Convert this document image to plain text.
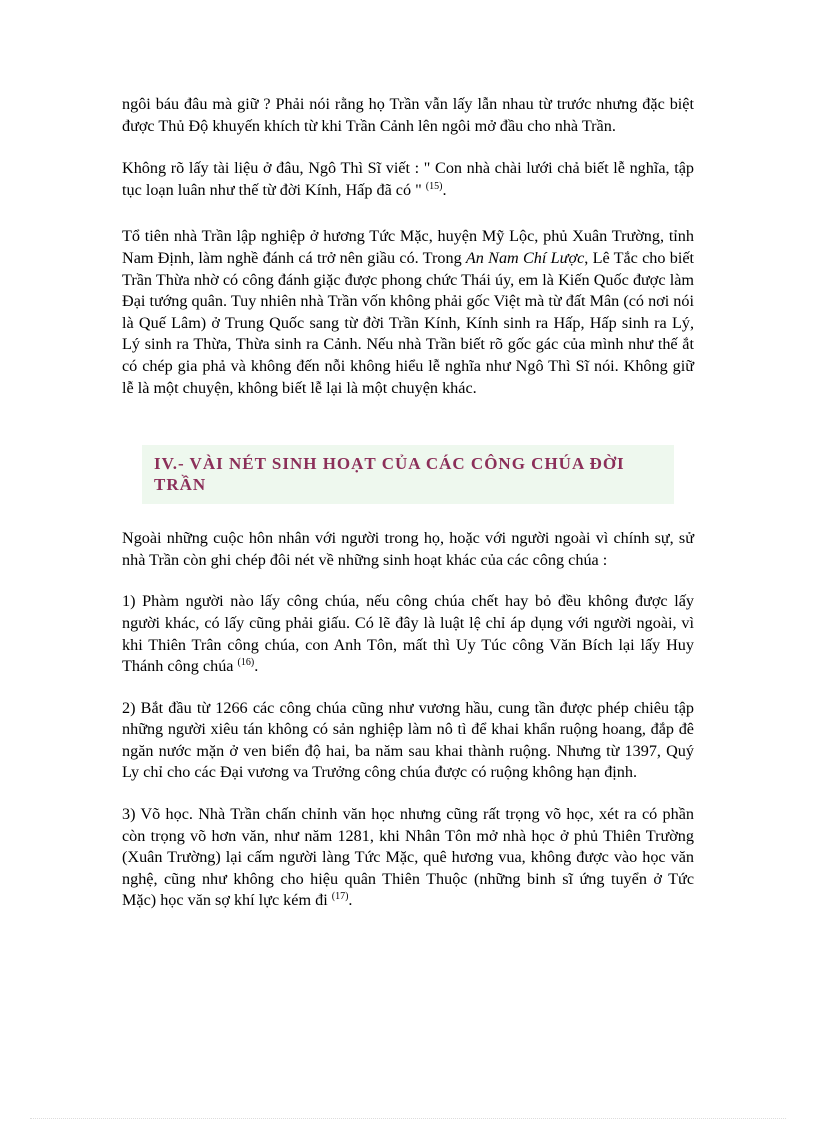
ngôi báu đâu mà giữ ? Phải nói rằng họ Trần vẫn lấy lẫn nhau từ trước nhưng đặc biệt được Thủ Độ khuyến khích từ khi Trần Cảnh lên ngôi mở đầu cho nhà Trần.

Không rõ lấy tài liệu ở đâu, Ngô Thì Sĩ viết : " Con nhà chài lưới chả biết lễ nghĩa, tập tục loạn luân như thế từ đời Kính, Hấp đã có " $^{(15)}$.

Tổ tiên nhà Trần lập nghiệp ở hương Tức Mặc, huyện Mỹ Lộc, phủ Xuân Trường, tỉnh Nam Định, làm nghề đánh cá trở nên giầu có. Trong An Nam Chí Lược, Lê Tắc cho biết Trần Thừa nhờ có công đánh giặc được phong chức Thái úy, em là Kiến Quốc được làm Đại tướng quân. Tuy nhiên nhà Trần vốn không phải gốc Việt mà từ đất Mân (có nơi nói là Quế Lâm) ở Trung Quốc sang từ đời Trần Kính, Kính sinh ra Hấp, Hấp sinh ra Lý, Lý sinh ra Thừa, Thừa sinh ra Cảnh. Nếu nhà Trần biết rõ gốc gác của mình như thế ắt có chép gia phả và không đến nỗi không hiểu lễ nghĩa như Ngô Thì Sĩ nói. Không giữ lễ là một chuyện, không biết lễ lại là một chuyện khác.

IV.- VÀI NÉT SINH HOẠT CỦA CÁC CÔNG CHÚA ĐỜI TRẦN

Ngoài những cuộc hôn nhân với người trong họ, hoặc với người ngoài vì chính sự, sử nhà Trần còn ghi chép đôi nét về những sinh hoạt khác của các công chúa :

1) Phàm người nào lấy công chúa, nếu công chúa chết hay bỏ đều không được lấy người khác, có lấy cũng phải giấu. Có lẽ đây là luật lệ chỉ áp dụng với người ngoài, vì khi Thiên Trân công chúa, con Anh Tôn, mất thì Uy Túc công Văn Bích lại lấy Huy Thánh công chúa $^{(16)}$.

2) Bắt đầu từ 1266 các công chúa cũng như vương hầu, cung tần được phép chiêu tập những người xiêu tán không có sản nghiệp làm nô tì để khai khẩn ruộng hoang, đắp đê ngăn nước mặn ở ven biển độ hai, ba năm sau khai thành ruộng. Nhưng từ 1397, Quý Ly chỉ cho các Đại vương va Trưởng công chúa được có ruộng không hạn định.

3) Võ học. Nhà Trần chấn chỉnh văn học nhưng cũng rất trọng võ học, xét ra có phần còn trọng võ hơn văn, như năm 1281, khi Nhân Tôn mở nhà học ở phủ Thiên Trường (Xuân Trường) lại cấm người làng Tức Mặc, quê hương vua, không được vào học văn nghệ, cũng như không cho hiệu quân Thiên Thuộc (những binh sĩ ứng tuyển ở Tức Mặc) học văn sợ khí lực kém đi $^{(17)}$.
